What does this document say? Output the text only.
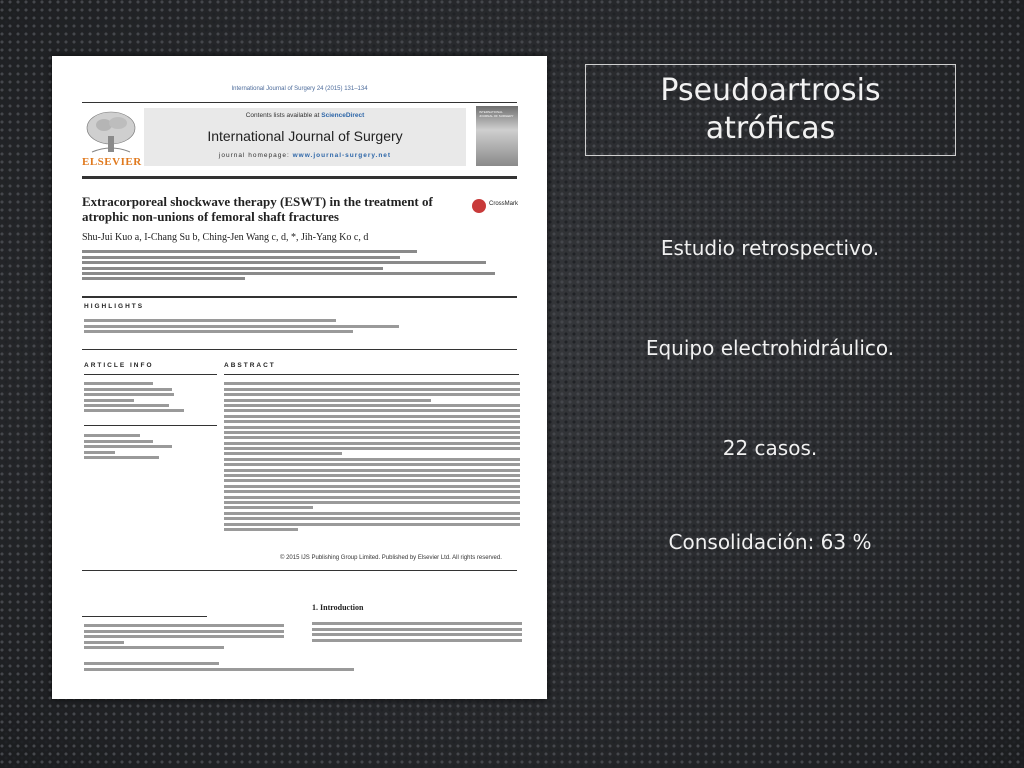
International Journal of Surgery 24 (2015) 131–134
ELSEVIER
Contents lists available at ScienceDirect
International Journal of Surgery
journal homepage: www.journal-surgery.net
INTERNATIONAL JOURNAL OF SURGERY
Extracorporeal shockwave therapy (ESWT) in the treatment of atrophic non-unions of femoral shaft fractures
CrossMark
Shu-Jui Kuo a, I-Chang Su b, Ching-Jen Wang c, d, *, Jih-Yang Ko c, d
HIGHLIGHTS
ARTICLE INFO	ABSTRACT
© 2015 IJS Publishing Group Limited. Published by Elsevier Ltd. All rights reserved.
1. Introduction
Pseudoartrosis
atróficas
Estudio retrospectivo.
Equipo electrohidráulico.
22 casos.
Consolidación: 63 %
